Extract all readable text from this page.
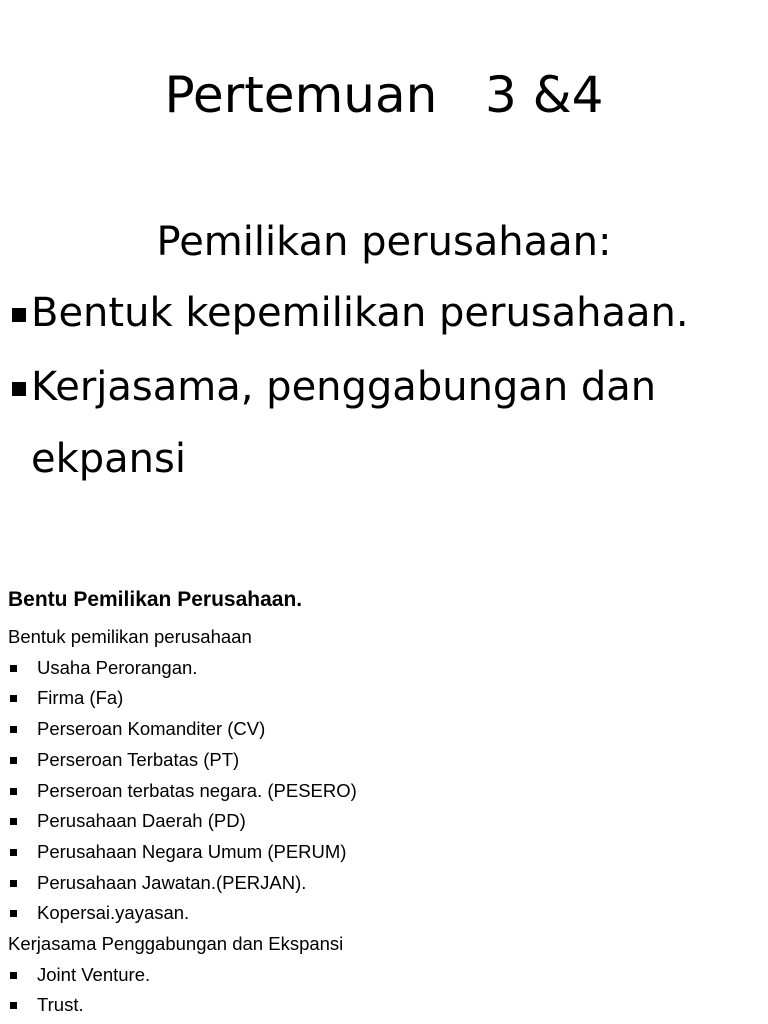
Pertemuan   3 &4
Pemilikan perusahaan:
Bentuk kepemilikan perusahaan.
Kerjasama, penggabungan dan ekpansi
Bentu Pemilikan Perusahaan.

Bentuk pemilikan perusahaan

Usaha Perorangan.
Firma (Fa)
Perseroan Komanditer (CV)
Perseroan Terbatas (PT)
Perseroan terbatas negara. (PESERO)
Perusahaan Daerah (PD)
Perusahaan Negara Umum (PERUM)
Perusahaan Jawatan.(PERJAN).
Kopersai.yayasan.

Kerjasama Penggabungan dan Ekspansi

Joint Venture.
Trust.
